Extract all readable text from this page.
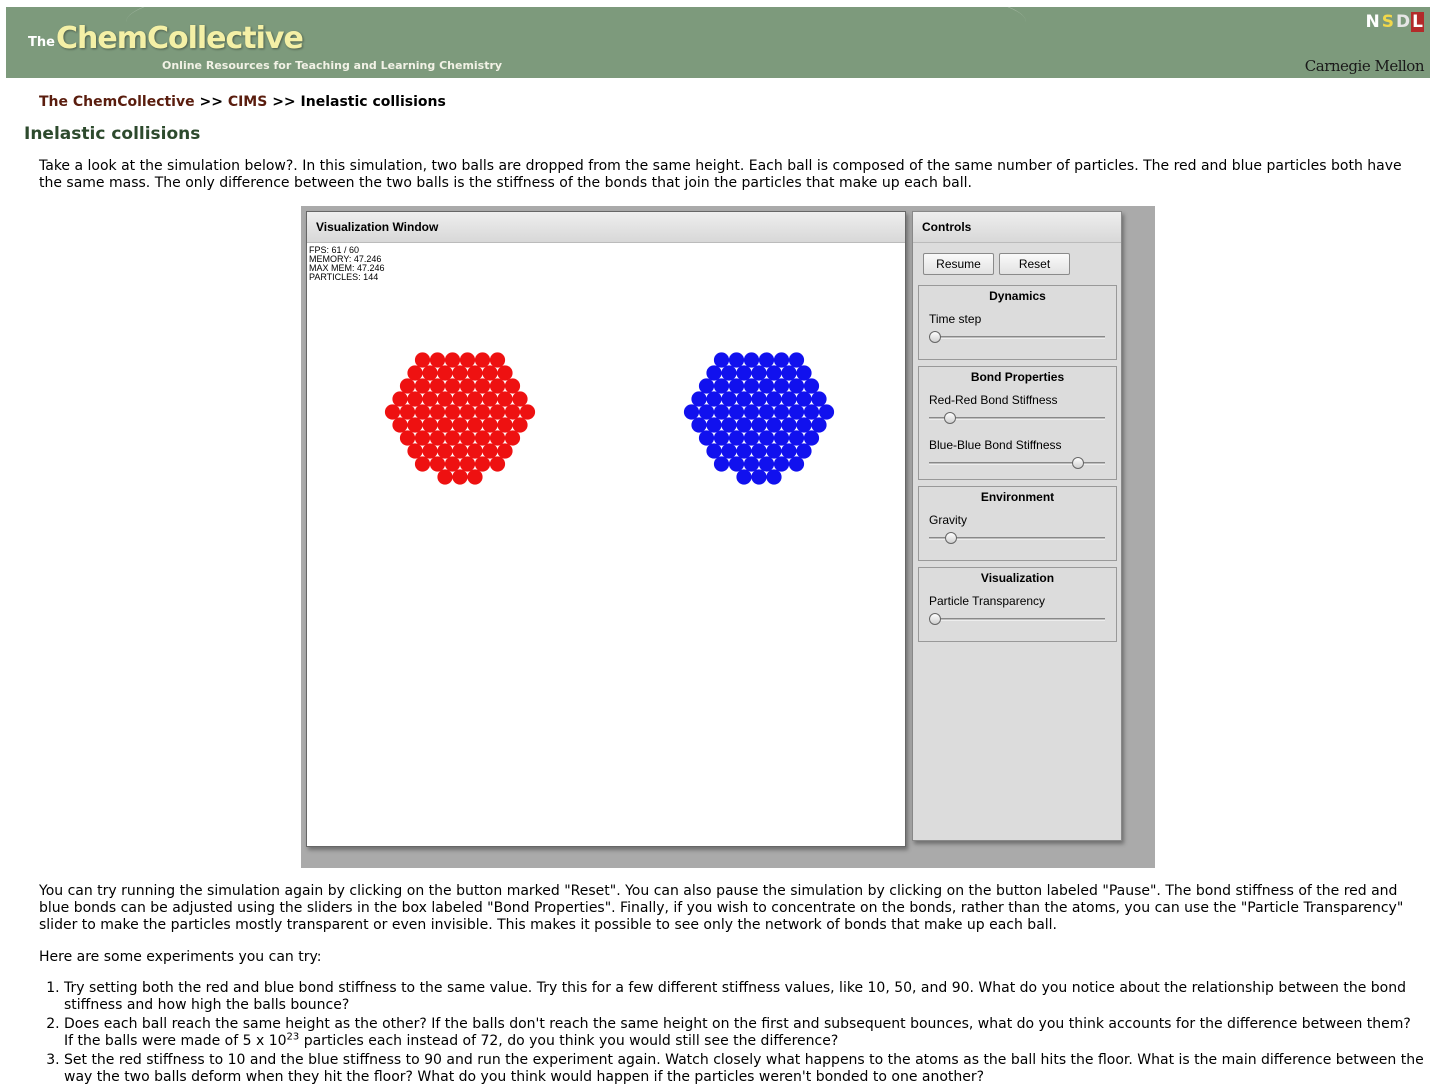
The ChemCollective
Online Resources for Teaching and Learning Chemistry
N S D L
Carnegie Mellon
The ChemCollective >> CIMS >> Inelastic collisions
Inelastic collisions

Take a look at the simulation below?. In this simulation, two balls are dropped from the same height. Each ball is composed of the same number of particles. The red and blue particles both have the same mass. The only difference between the two balls is the stiffness of the bonds that join the particles that make up each ball.

Visualization Window
FPS: 61 / 60
MEMORY: 47.246
MAX MEM: 47.246
PARTICLES: 144
Controls
Resume	Reset
Dynamics
Time step
Bond Properties
Red-Red Bond Stiffness
Blue-Blue Bond Stiffness
Environment
Gravity
Visualization
Particle Transparency

You can try running the simulation again by clicking on the button marked "Reset". You can also pause the simulation by clicking on the button labeled "Pause". The bond stiffness of the red and blue bonds can be adjusted using the sliders in the box labeled "Bond Properties". Finally, if you wish to concentrate on the bonds, rather than the atoms, you can use the "Particle Transparency" slider to make the particles mostly transparent or even invisible. This makes it possible to see only the network of bonds that make up each ball.

Here are some experiments you can try:

1. Try setting both the red and blue bond stiffness to the same value. Try this for a few different stiffness values, like 10, 50, and 90. What do you notice about the relationship between the bond stiffness and how high the balls bounce?
2. Does each ball reach the same height as the other? If the balls don't reach the same height on the first and subsequent bounces, what do you think accounts for the difference between them? If the balls were made of 5 x $10^{23}$ particles each instead of 72, do you think you would still see the difference?
3. Set the red stiffness to 10 and the blue stiffness to 90 and run the experiment again. Watch closely what happens to the atoms as the ball hits the floor. What is the main difference between the way the two balls deform when they hit the floor? What do you think would happen if the particles weren't bonded to one another?
